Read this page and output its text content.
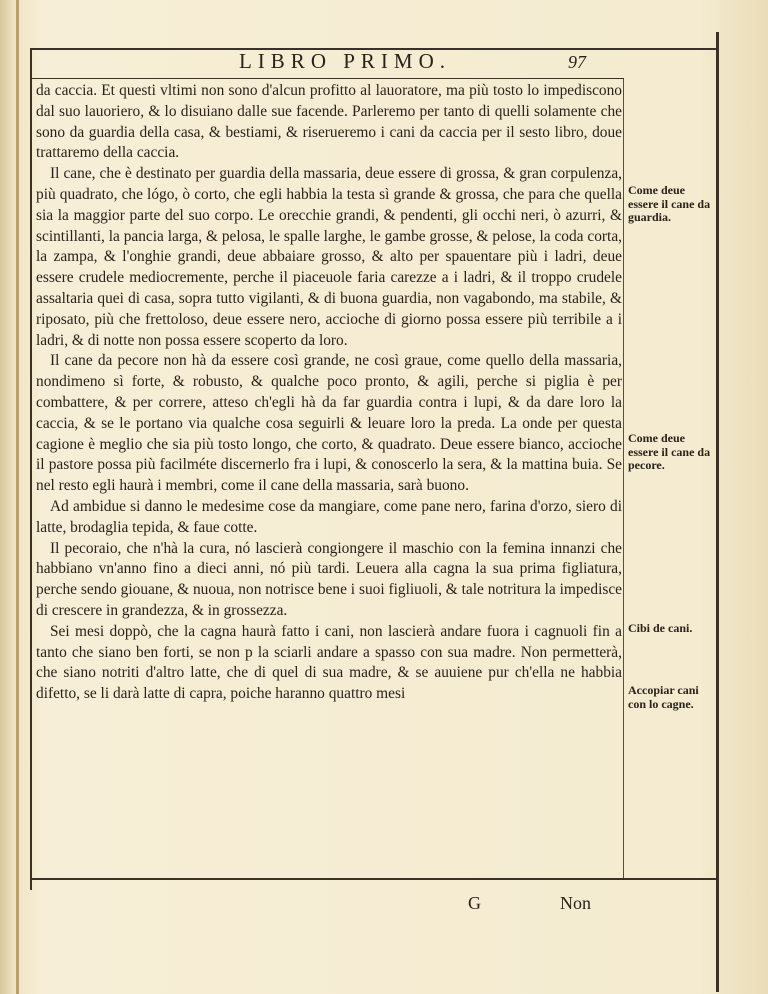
LIBRO PRIMO.	97

da caccia. Et questi vltimi non sono d'alcun profitto al lauoratore, ma più tosto lo impediscono dal suo lauoriero, & lo disuiano dalle sue facende. Parleremo per tanto di quelli solamente che sono da guardia della casa, & bestiami, & riserueremo i cani da caccia per il sesto libro, doue trattaremo della caccia.

Il cane, che è destinato per guardia della massaria, deue essere di grossa, & gran corpulenza, più quadrato, che lógo, ò corto, che egli habbia la testa sì grande & grossa, che para che quella sia la maggior parte del suo corpo. Le orecchie grandi, & pendenti, gli occhi neri, ò azurri, & scintillanti, la pancia larga, & pelosa, le spalle larghe, le gambe grosse, & pelose, la coda corta, la zampa, & l'onghie grandi, deue abbaiare grosso, & alto per spauentare più i ladri, deue essere crudele mediocremente, perche il piaceuole faria carezze a i ladri, & il troppo crudele assaltaria quei di casa, sopra tutto vigilanti, & di buona guardia, non vagabondo, ma stabile, & riposato, più che frettoloso, deue essere nero, accioche di giorno possa essere più terribile a i ladri, & di notte non possa essere scoperto da loro.

Il cane da pecore non hà da essere così grande, ne così graue, come quello della massaria, nondimeno sì forte, & robusto, & qualche poco pronto, & agili, perche si piglia è per combattere, & per correre, atteso ch'egli hà da far guardia contra i lupi, & da dare loro la caccia, & se le portano via qualche cosa seguirli & leuare loro la preda. La onde per questa cagione è meglio che sia più tosto longo, che corto, & quadrato. Deue essere bianco, accioche il pastore possa più facilméte discernerlo fra i lupi, & conoscerlo la sera, & la mattina buia. Se nel resto egli haurà i membri, come il cane della massaria, sarà buono.

Ad ambidue si danno le medesime cose da mangiare, come pane nero, farina d'orzo, siero di latte, brodaglia tepida, & faue cotte.

Il pecoraio, che n'hà la cura, nó lascierà congiongere il maschio con la femina innanzi che habbiano vn'anno fino a dieci anni, nó più tardi. Leuera alla cagna la sua prima figliatura, perche sendo giouane, & nuoua, non notrisce bene i suoi figliuoli, & tale notritura la impedisce di crescere in grandezza, & in grossezza.

Sei mesi doppò, che la cagna haurà fatto i cani, non lascierà andare fuora i cagnuoli fin a tanto che siano ben forti, se non p la sciarli andare a spasso con sua madre. Non permetterà, che siano notriti d'altro latte, che di quel di sua madre, & se auuiene pur ch'ella ne habbia difetto, se li darà latte di capra, poiche haranno quattro mesi

Come deue essere il cane da guardia.
Come deue essere il cane da pecore.
Cibi de cani.
Accopiar cani con lo cagne.
G	Non
